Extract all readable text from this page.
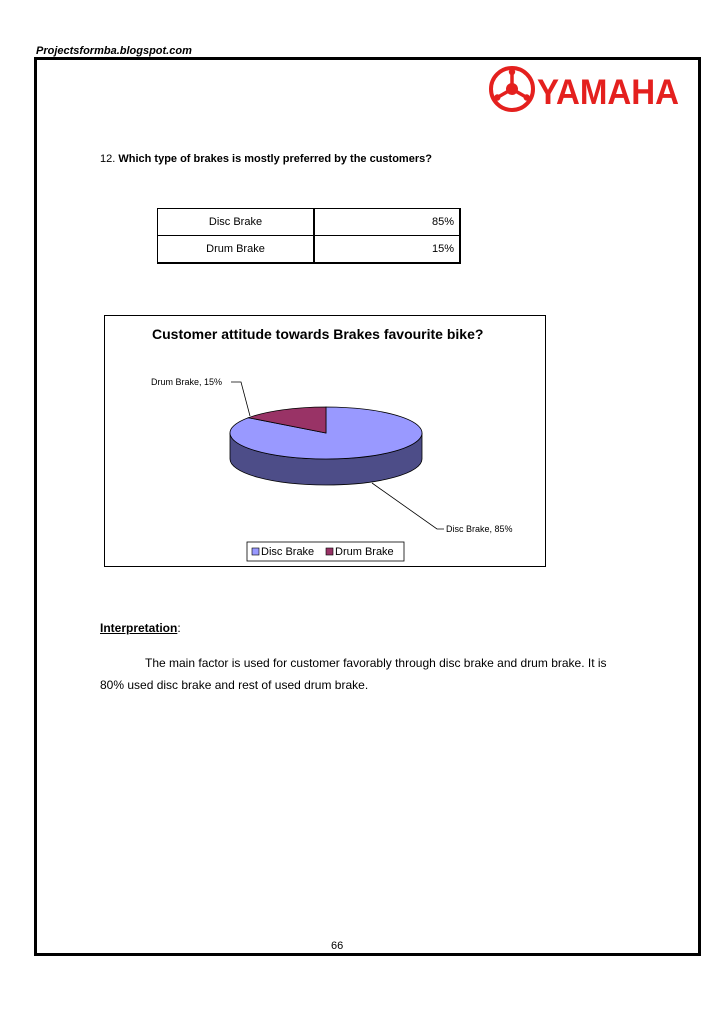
Projectsformba.blogspot.com
YAMAHA
12. Which type of brakes is mostly preferred by the customers?
Disc Brake	85%
Drum Brake	15%
Customer attitude towards Brakes favourite bike?
Drum Brake, 15%
Disc Brake, 85%
Disc Brake Drum Brake
Interpretation:
The main factor is used for customer favorably through disc brake and drum brake. It is 80% used disc brake and rest of used drum brake.
66
